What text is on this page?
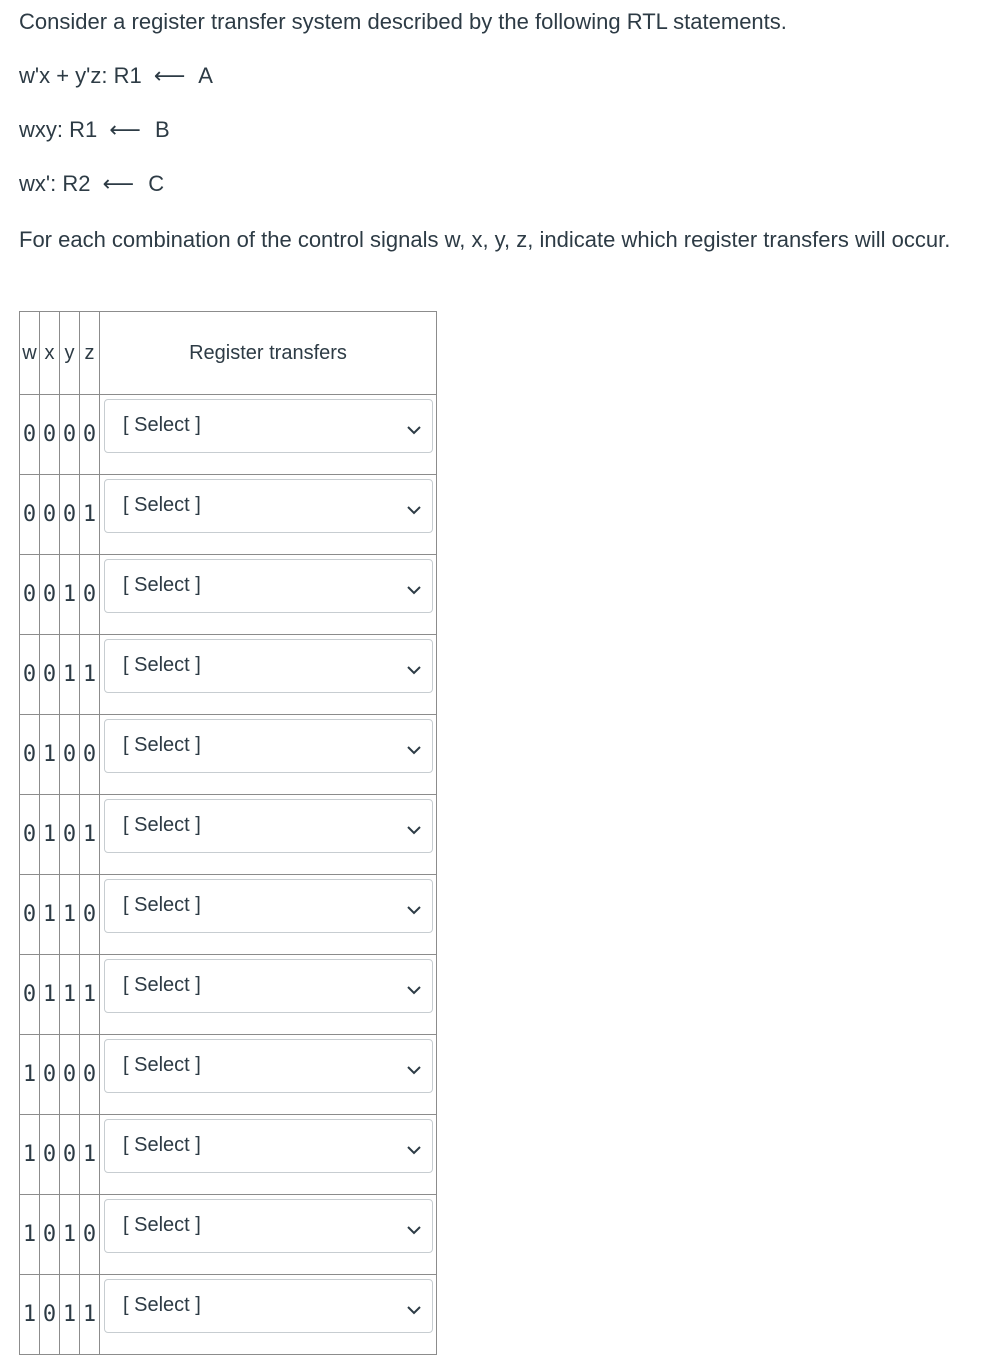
Consider a register transfer system described by the following RTL statements.
w'x + y'z: R1 ⟵ A
wxy: R1 ⟵ B
wx': R2 ⟵ C
For each combination of the control signals w, x, y, z, indicate which register transfers will occur.
w	x	y	z	Register transfers
0	0	0	0	[ Select ]

0	0	0	1	[ Select ]

0	0	1	0	[ Select ]

0	0	1	1	[ Select ]

0	1	0	0	[ Select ]

0	1	0	1	[ Select ]

0	1	1	0	[ Select ]

0	1	1	1	[ Select ]

1	0	0	0	[ Select ]

1	0	0	1	[ Select ]

1	0	1	0	[ Select ]

1	0	1	1	[ Select ]
